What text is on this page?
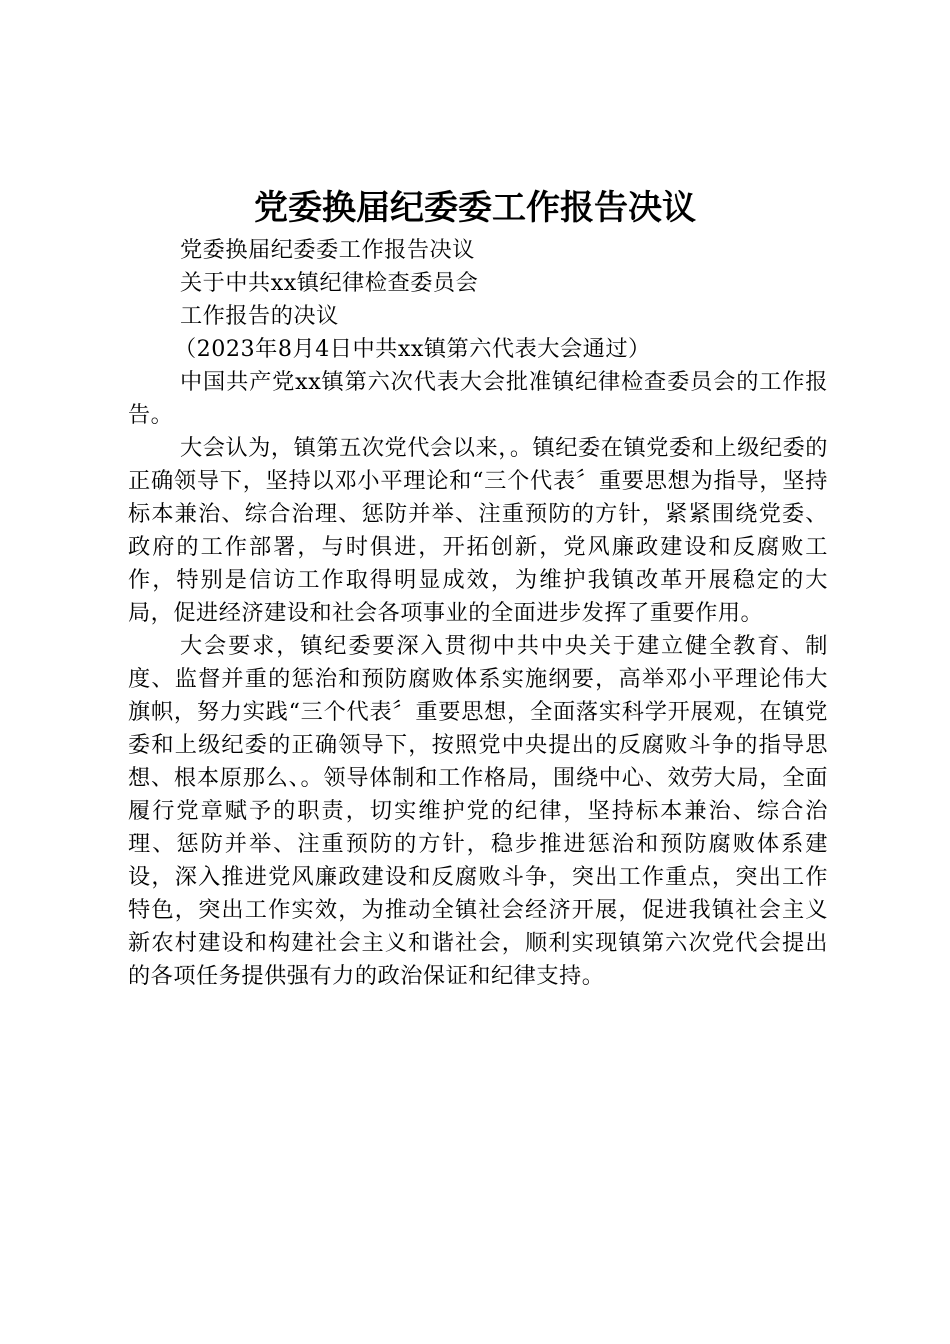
党委换届纪委委工作报告决议

党委换届纪委委工作报告决议

关于中共xx镇纪律检查委员会

工作报告的决议

（2023年8月4日中共xx镇第六代表大会通过）

中国共产党xx镇第六次代表大会批准镇纪律检查委员会的工作报告。

大会认为，镇第五次党代会以来，。镇纪委在镇党委和上级纪委的正确领导下，坚持以邓小平理论和“三个代表〞重要思想为指导，坚持标本兼治、综合治理、惩防并举、注重预防的方针，紧紧围绕党委、政府的工作部署，与时俱进，开拓创新，党风廉政建设和反腐败工作，特别是信访工作取得明显成效，为维护我镇改革开展稳定的大局，促进经济建设和社会各项事业的全面进步发挥了重要作用。

大会要求，镇纪委要深入贯彻中共中央关于建立健全教育、制度、监督并重的惩治和预防腐败体系实施纲要，高举邓小平理论伟大旗帜，努力实践“三个代表〞重要思想，全面落实科学开展观，在镇党委和上级纪委的正确领导下，按照党中央提出的反腐败斗争的指导思想、根本原那么、。领导体制和工作格局，围绕中心、效劳大局，全面履行党章赋予的职责，切实维护党的纪律，坚持标本兼治、综合治理、惩防并举、注重预防的方针，稳步推进惩治和预防腐败体系建设，深入推进党风廉政建设和反腐败斗争，突出工作重点，突出工作特色，突出工作实效，为推动全镇社会经济开展，促进我镇社会主义新农村建设和构建社会主义和谐社会，顺利实现镇第六次党代会提出的各项任务提供强有力的政治保证和纪律支持。
